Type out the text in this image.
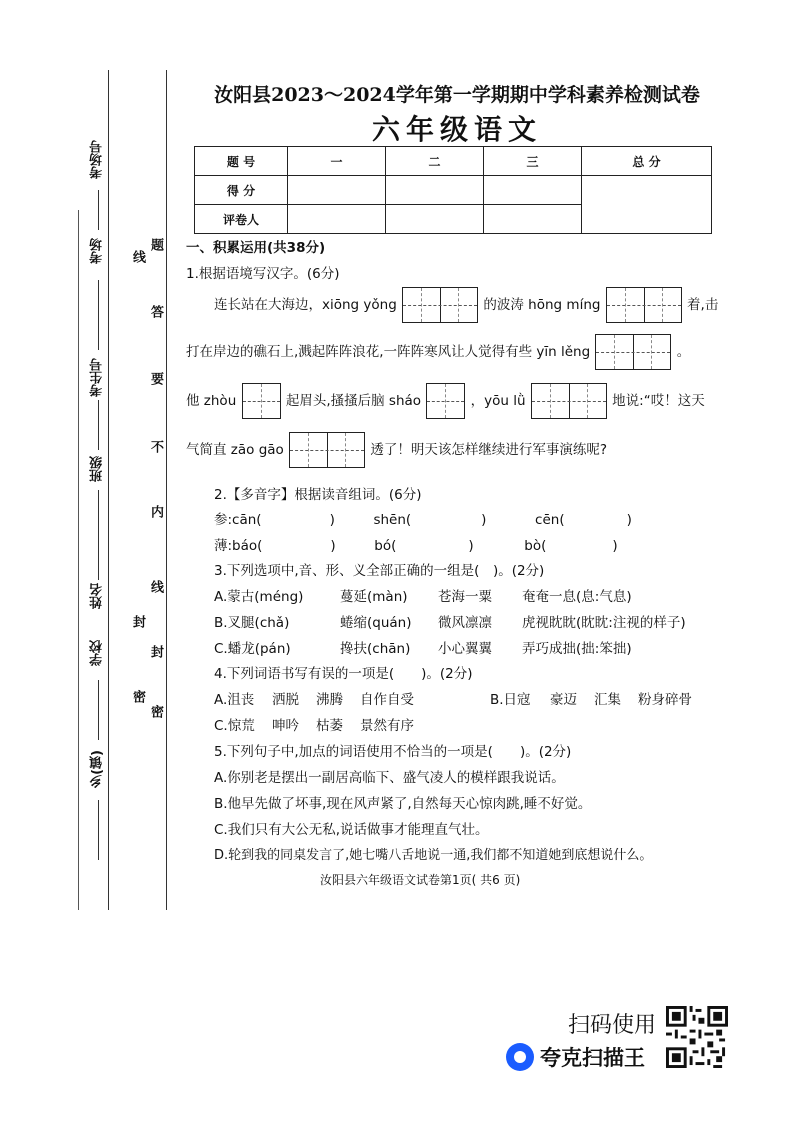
考场号
考场
考生号
班级
姓名
学校
乡(镇)
密
封
线
题
答
要
不
内
线
封
密
汝阳县2023～2024学年第一学期期中学科素养检测试卷
六年级语文
题 号	一	二	三	总 分
得 分				
评卷人				
一、积累运用(共38分)
1.根据语境写汉字。(6分)
连长站在大海边，xiōng yǒng	的波涛 hōng míng	着,击
打在岸边的礁石上,溅起阵阵浪花,一阵阵寒风让人觉得有些 yīn lěng	。
他 zhòu	起眉头,搔搔后脑 sháo	，yōu lǜ	地说:“哎！这天
气简直 zāo gāo	透了！明天该怎样继续进行军事演练呢?
2.【多音字】根据读音组词。(6分)
参:cān(	)	shēn(	)	cēn(	)
薄:báo(	)	bó(	)	bò(	)
3.下列选项中,音、形、义全部正确的一组是(　)。(2分)
A.蒙古(méng)	蔓延(màn) 苍海一粟 奄奄一息(息:气息)
B.叉腿(chǎ)	蜷缩(quán) 微风凛凛 虎视眈眈(眈眈:注视的样子)
C.蟠龙(pán)	搀扶(chān) 小心翼翼 弄巧成拙(拙:笨拙)
4.下列词语书写有误的一项是(　　)。(2分)
A.沮丧 洒脱 沸腾 自作自受	B.日寇 豪迈 汇集 粉身碎骨
C.惊荒 呻吟 枯萎 景然有序
5.下列句子中,加点的词语使用不恰当的一项是(　　)。(2分)
A.你别老是摆出一副居高临下、盛气凌人的模样跟我说话。
B.他早先做了坏事,现在风声紧了,自然每天心惊肉跳,睡不好觉。
C.我们只有大公无私,说话做事才能理直气壮。
D.轮到我的同桌发言了,她七嘴八舌地说一通,我们都不知道她到底想说什么。
汝阳县六年级语文试卷第1页( 共6 页)
扫码使用
夸克扫描王
